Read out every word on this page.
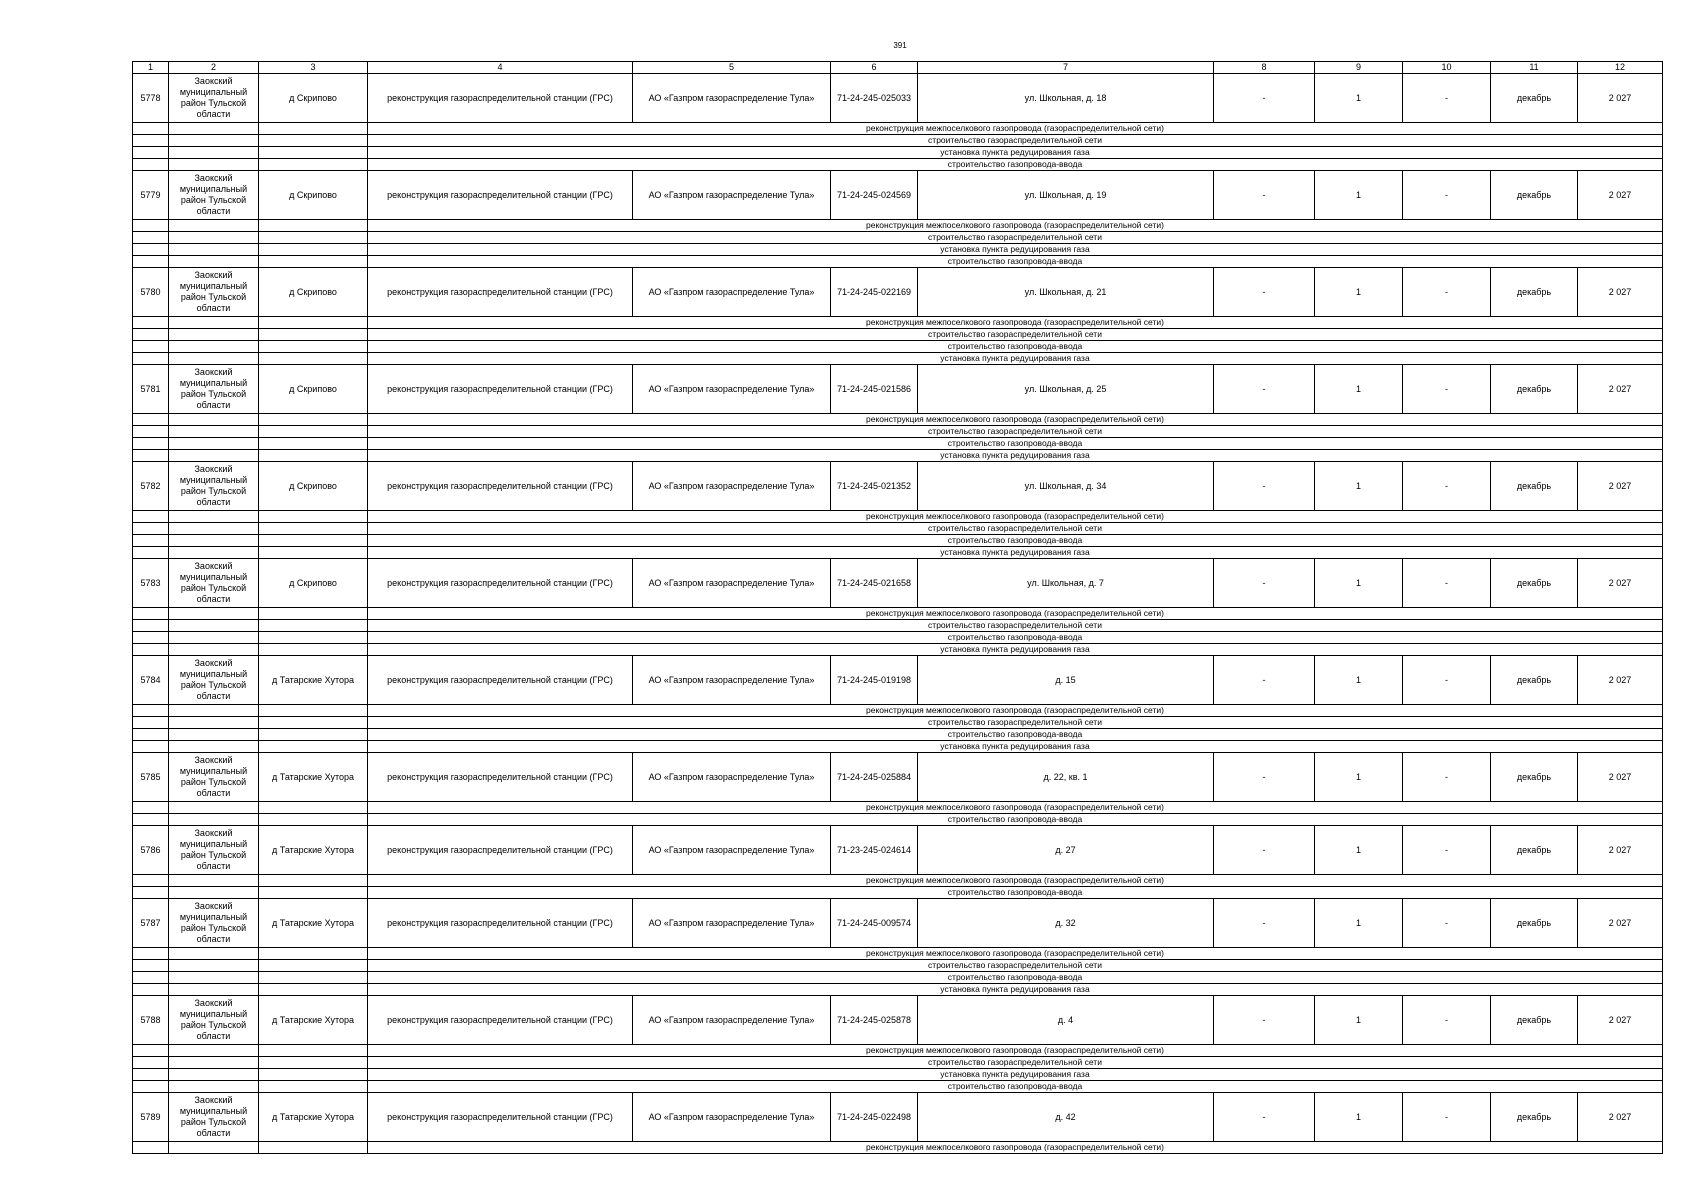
391
1	2	3	4	5	6	7	8	9	10	11	12
5778	Заокский муниципальный район Тульской области	д Скрипово	реконструкция газораспределительной станции (ГРС)	АО «Газпром газораспределение Тула»	71-24-245-025033	ул. Школьная, д. 18	-	1	-	декабрь	2 027
			реконструкция межпоселкового газопровода (газораспределительной сети)								
			строительство газораспределительной сети								
			установка пункта редуцирования газа								
			строительство газопровода-ввода								
5779	Заокский муниципальный район Тульской области	д Скрипово	реконструкция газораспределительной станции (ГРС)	АО «Газпром газораспределение Тула»	71-24-245-024569	ул. Школьная, д. 19	-	1	-	декабрь	2 027
			реконструкция межпоселкового газопровода (газораспределительной сети)								
			строительство газораспределительной сети								
			установка пункта редуцирования газа								
			строительство газопровода-ввода								
5780	Заокский муниципальный район Тульской области	д Скрипово	реконструкция газораспределительной станции (ГРС)	АО «Газпром газораспределение Тула»	71-24-245-022169	ул. Школьная, д. 21	-	1	-	декабрь	2 027
			реконструкция межпоселкового газопровода (газораспределительной сети)								
			строительство газораспределительной сети								
			строительство газопровода-ввода								
			установка пункта редуцирования газа								
5781	Заокский муниципальный район Тульской области	д Скрипово	реконструкция газораспределительной станции (ГРС)	АО «Газпром газораспределение Тула»	71-24-245-021586	ул. Школьная, д. 25	-	1	-	декабрь	2 027
			реконструкция межпоселкового газопровода (газораспределительной сети)								
			строительство газораспределительной сети								
			строительство газопровода-ввода								
			установка пункта редуцирования газа								
5782	Заокский муниципальный район Тульской области	д Скрипово	реконструкция газораспределительной станции (ГРС)	АО «Газпром газораспределение Тула»	71-24-245-021352	ул. Школьная, д. 34	-	1	-	декабрь	2 027
			реконструкция межпоселкового газопровода (газораспределительной сети)								
			строительство газораспределительной сети								
			строительство газопровода-ввода								
			установка пункта редуцирования газа								
5783	Заокский муниципальный район Тульской области	д Скрипово	реконструкция газораспределительной станции (ГРС)	АО «Газпром газораспределение Тула»	71-24-245-021658	ул. Школьная, д. 7	-	1	-	декабрь	2 027
			реконструкция межпоселкового газопровода (газораспределительной сети)								
			строительство газораспределительной сети								
			строительство газопровода-ввода								
			установка пункта редуцирования газа								
5784	Заокский муниципальный район Тульской области	д Татарские Хутора	реконструкция газораспределительной станции (ГРС)	АО «Газпром газораспределение Тула»	71-24-245-019198	д. 15	-	1	-	декабрь	2 027
			реконструкция межпоселкового газопровода (газораспределительной сети)								
			строительство газораспределительной сети								
			строительство газопровода-ввода								
			установка пункта редуцирования газа								
5785	Заокский муниципальный район Тульской области	д Татарские Хутора	реконструкция газораспределительной станции (ГРС)	АО «Газпром газораспределение Тула»	71-24-245-025884	д. 22, кв. 1	-	1	-	декабрь	2 027
			реконструкция межпоселкового газопровода (газораспределительной сети)								
			строительство газопровода-ввода								
5786	Заокский муниципальный район Тульской области	д Татарские Хутора	реконструкция газораспределительной станции (ГРС)	АО «Газпром газораспределение Тула»	71-23-245-024614	д. 27	-	1	-	декабрь	2 027
			реконструкция межпоселкового газопровода (газораспределительной сети)								
			строительство газопровода-ввода								
5787	Заокский муниципальный район Тульской области	д Татарские Хутора	реконструкция газораспределительной станции (ГРС)	АО «Газпром газораспределение Тула»	71-24-245-009574	д. 32	-	1	-	декабрь	2 027
			реконструкция межпоселкового газопровода (газораспределительной сети)								
			строительство газораспределительной сети								
			строительство газопровода-ввода								
			установка пункта редуцирования газа								
5788	Заокский муниципальный район Тульской области	д Татарские Хутора	реконструкция газораспределительной станции (ГРС)	АО «Газпром газораспределение Тула»	71-24-245-025878	д. 4	-	1	-	декабрь	2 027
			реконструкция межпоселкового газопровода (газораспределительной сети)								
			строительство газораспределительной сети								
			установка пункта редуцирования газа								
			строительство газопровода-ввода								
5789	Заокский муниципальный район Тульской области	д Татарские Хутора	реконструкция газораспределительной станции (ГРС)	АО «Газпром газораспределение Тула»	71-24-245-022498	д. 42	-	1	-	декабрь	2 027
			реконструкция межпоселкового газопровода (газораспределительной сети)								
